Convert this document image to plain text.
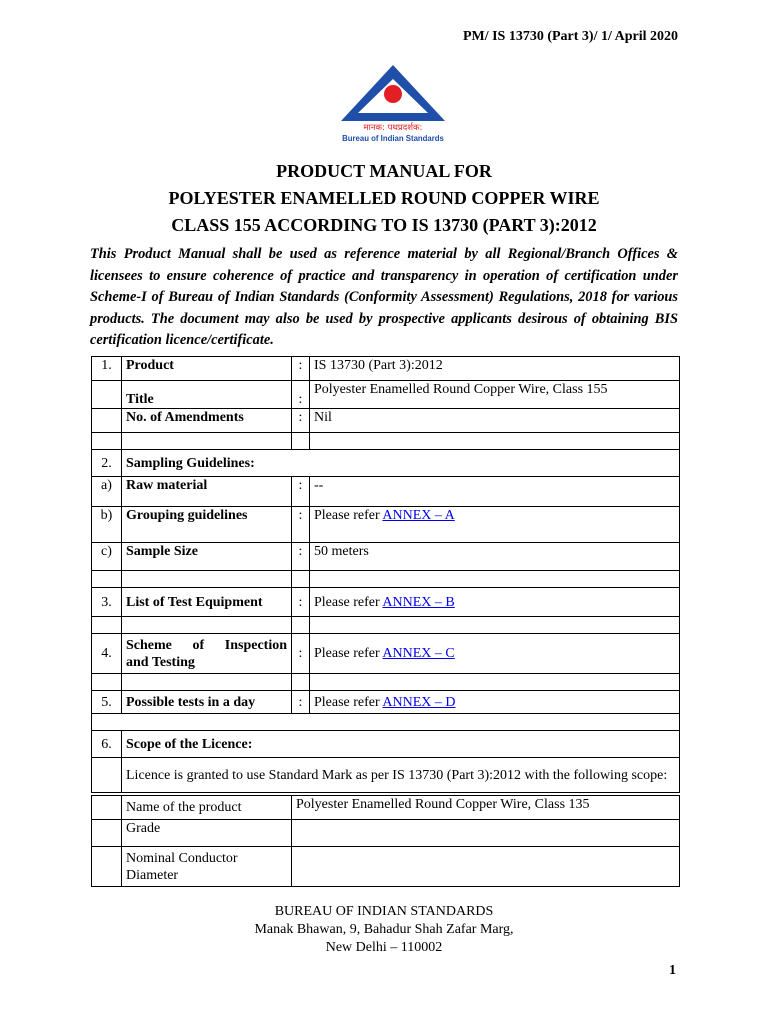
PM/ IS 13730 (Part 3)/ 1/ April 2020
मानक: पथप्रदर्शक:
Bureau of Indian Standards
PRODUCT MANUAL FOR
POLYESTER ENAMELLED ROUND COPPER WIRE
CLASS 155 ACCORDING TO IS 13730 (PART 3):2012

This Product Manual shall be used as reference material by all Regional/Branch Offices & licensees to ensure coherence of practice and transparency in operation of certification under Scheme-I of Bureau of Indian Standards (Conformity Assessment) Regulations, 2018 for various products. The document may also be used by prospective applicants desirous of obtaining BIS certification licence/certificate.

1.	Product	:	IS 13730 (Part 3):2012
	Title	:	Polyester Enamelled Round Copper Wire, Class 155
	No. of Amendments	:	Nil

2.	Sampling Guidelines:		
a)	Raw material	:	--
b)	Grouping guidelines	:	Please refer ANNEX – A
c)	Sample Size	:	50 meters

3.	List of Test Equipment	:	Please refer ANNEX – B

4.	Scheme of Inspection
and Testing	:	Please refer ANNEX – C

5.	Possible tests in a day	:	Please refer ANNEX – D

6.	Scope of the Licence:		
	Licence is granted to use Standard Mark as per IS 13730 (Part 3):2012 with the following scope:		
	Name of the product	Polyester Enamelled Round Copper Wire, Class 135
	Grade	
	Nominal Conductor Diameter	
BUREAU OF INDIAN STANDARDS
Manak Bhawan, 9, Bahadur Shah Zafar Marg,
New Delhi – 110002
1
